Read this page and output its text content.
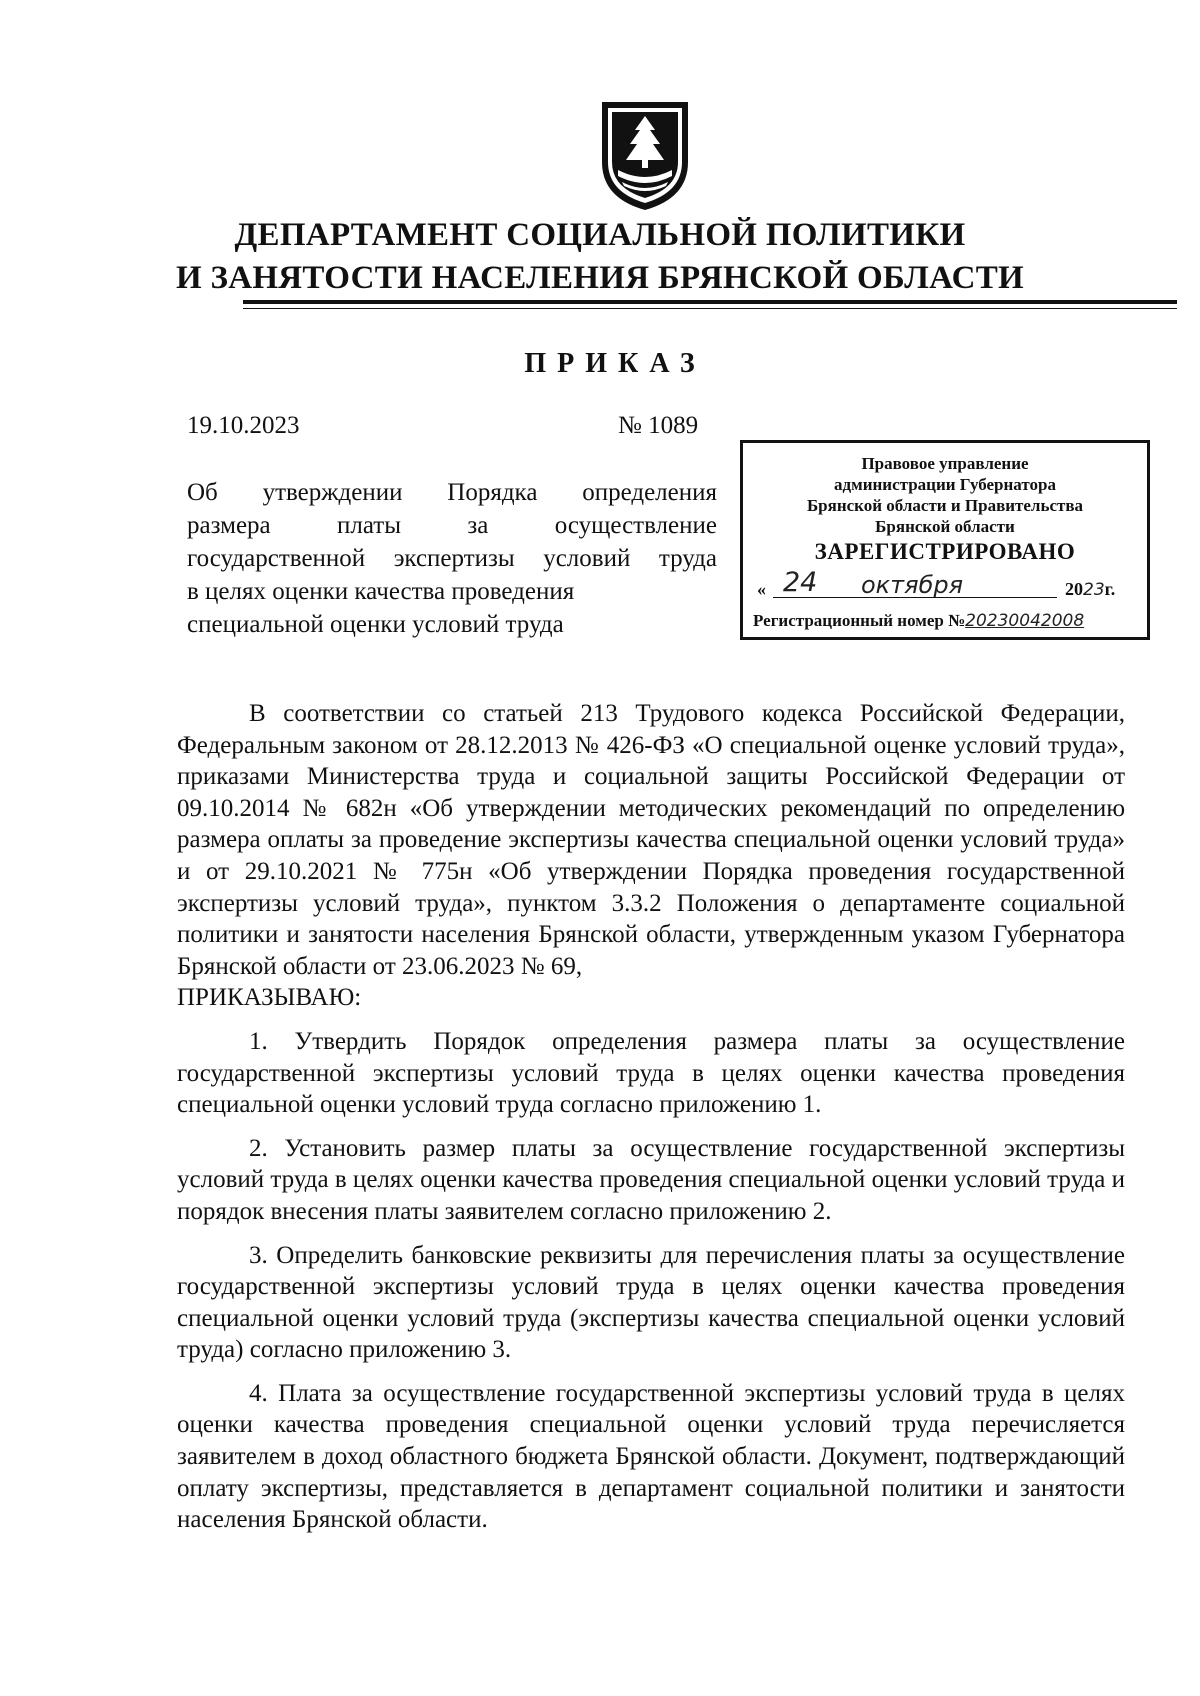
ДЕПАРТАМЕНТ СОЦИАЛЬНОЙ ПОЛИТИКИ
И ЗАНЯТОСТИ НАСЕЛЕНИЯ БРЯНСКОЙ ОБЛАСТИ
ПРИКАЗ
19.10.2023	№ 1089
Об утверждении Порядка определения
размера платы за осуществление
государственной экспертизы условий труда
в целях оценки качества проведения
специальной оценки условий труда
Правовое управление
администрации Губернатора
Брянской области и Правительства
Брянской области
ЗАРЕГИСТРИРОВАНО
« 24 октября	2023г.
Регистрационный номер №20230042008

В соответствии со статьей 213 Трудового кодекса Российской Федерации, Федеральным законом от 28.12.2013 № 426-ФЗ «О специальной оценке условий труда», приказами Министерства труда и социальной защиты Российской Федерации от 09.10.2014 № 682н «Об утверждении методических рекомендаций по определению размера оплаты за проведение экспертизы качества специальной оценки условий труда» и от 29.10.2021 № 775н «Об утверждении Порядка проведения государственной экспертизы условий труда», пунктом 3.3.2 Положения о департаменте социальной политики и занятости населения Брянской области, утвержденным указом Губернатора Брянской области от 23.06.2023 № 69,

ПРИКАЗЫВАЮ:

1. Утвердить Порядок определения размера платы за осуществление государственной экспертизы условий труда в целях оценки качества проведения специальной оценки условий труда согласно приложению 1.

2. Установить размер платы за осуществление государственной экспертизы условий труда в целях оценки качества проведения специальной оценки условий труда и порядок внесения платы заявителем согласно приложению 2.

3. Определить банковские реквизиты для перечисления платы за осуществление государственной экспертизы условий труда в целях оценки качества проведения специальной оценки условий труда (экспертизы качества специальной оценки условий труда) согласно приложению 3.

4. Плата за осуществление государственной экспертизы условий труда в целях оценки качества проведения специальной оценки условий труда перечисляется заявителем в доход областного бюджета Брянской области. Документ, подтверждающий оплату экспертизы, представляется в департамент социальной политики и занятости населения Брянской области.
